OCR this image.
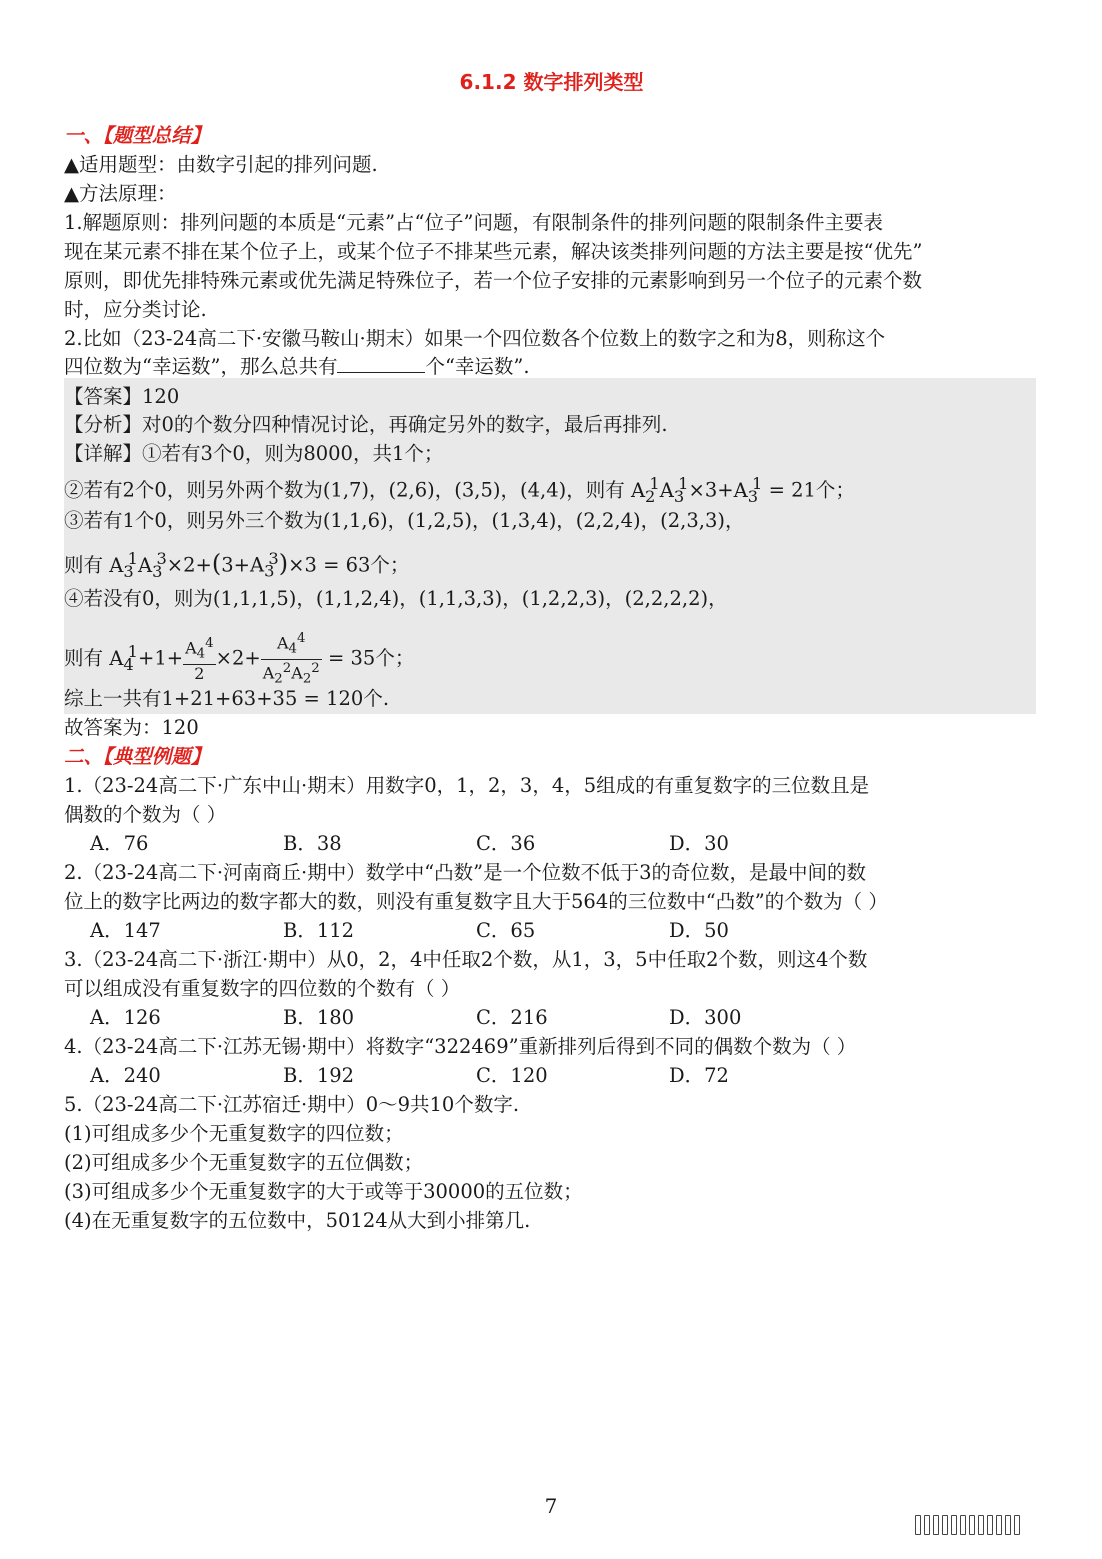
6.1.2 数字排列类型
一、【题型总结】
▲适用题型：由数字引起的排列问题.
▲方法原理：
1.解题原则：排列问题的本质是“元素”占“位子”问题，有限制条件的排列问题的限制条件主要表
现在某元素不排在某个位子上，或某个位子不排某些元素，解决该类排列问题的方法主要是按“优先”
原则，即优先排特殊元素或优先满足特殊位子，若一个位子安排的元素影响到另一个位子的元素个数
时，应分类讨论.
2.比如（23-24高二下·安徽马鞍山·期末）如果一个四位数各个位数上的数字之和为8，则称这个
四位数为“幸运数”，那么总共有	个“幸运数”.
【答案】120
【分析】对0的个数分四种情况讨论，再确定另外的数字，最后再排列.
【详解】①若有3个0，则为8000，共1个；
②若有2个0，则另外两个数为(1,7)，(2,6)，(3,5)，(4,4)，则有 $A_2^1A_3^1\times 3+A_3^1 = 21$个；
③若有1个0，则另外三个数为(1,1,6)，(1,2,5)，(1,3,4)，(2,2,4)，(2,3,3)，
则有 $A_3^1A_3^3\times 2+(3+A_3^3)\times 3 = 63$个；
④若没有0，则为(1,1,1,5)，(1,1,2,4)，(1,1,3,3)，(1,2,2,3)，(2,2,2,2)，
则有 $A_4^1+1+ \frac{A_4^4}{2} \times 2+ \frac{A_4^4}{A_2^2A_2^2} = 35$个；
综上一共有1+21+63+35 = 120个.
故答案为：120
二、【典型例题】
1.（23-24高二下·广东中山·期末）用数字0，1，2，3，4，5组成的有重复数字的三位数且是
偶数的个数为（ ）
A．76	B．38	C．36	D．30
2.（23-24高二下·河南商丘·期中）数学中“凸数”是一个位数不低于3的奇位数，是最中间的数
位上的数字比两边的数字都大的数，则没有重复数字且大于564的三位数中“凸数”的个数为（ ）
A．147	B．112	C．65	D．50
3.（23-24高二下·浙江·期中）从0，2，4中任取2个数，从1，3，5中任取2个数，则这4个数
可以组成没有重复数字的四位数的个数有（ ）
A．126	B．180	C．216	D．300
4.（23-24高二下·江苏无锡·期中）将数字“322469”重新排列后得到不同的偶数个数为（ ）
A．240	B．192	C．120	D．72
5.（23-24高二下·江苏宿迁·期中）0～9共10个数字.
(1)可组成多少个无重复数字的四位数；
(2)可组成多少个无重复数字的五位偶数；
(3)可组成多少个无重复数字的大于或等于30000的五位数；
(4)在无重复数字的五位数中，50124从大到小排第几.
7
